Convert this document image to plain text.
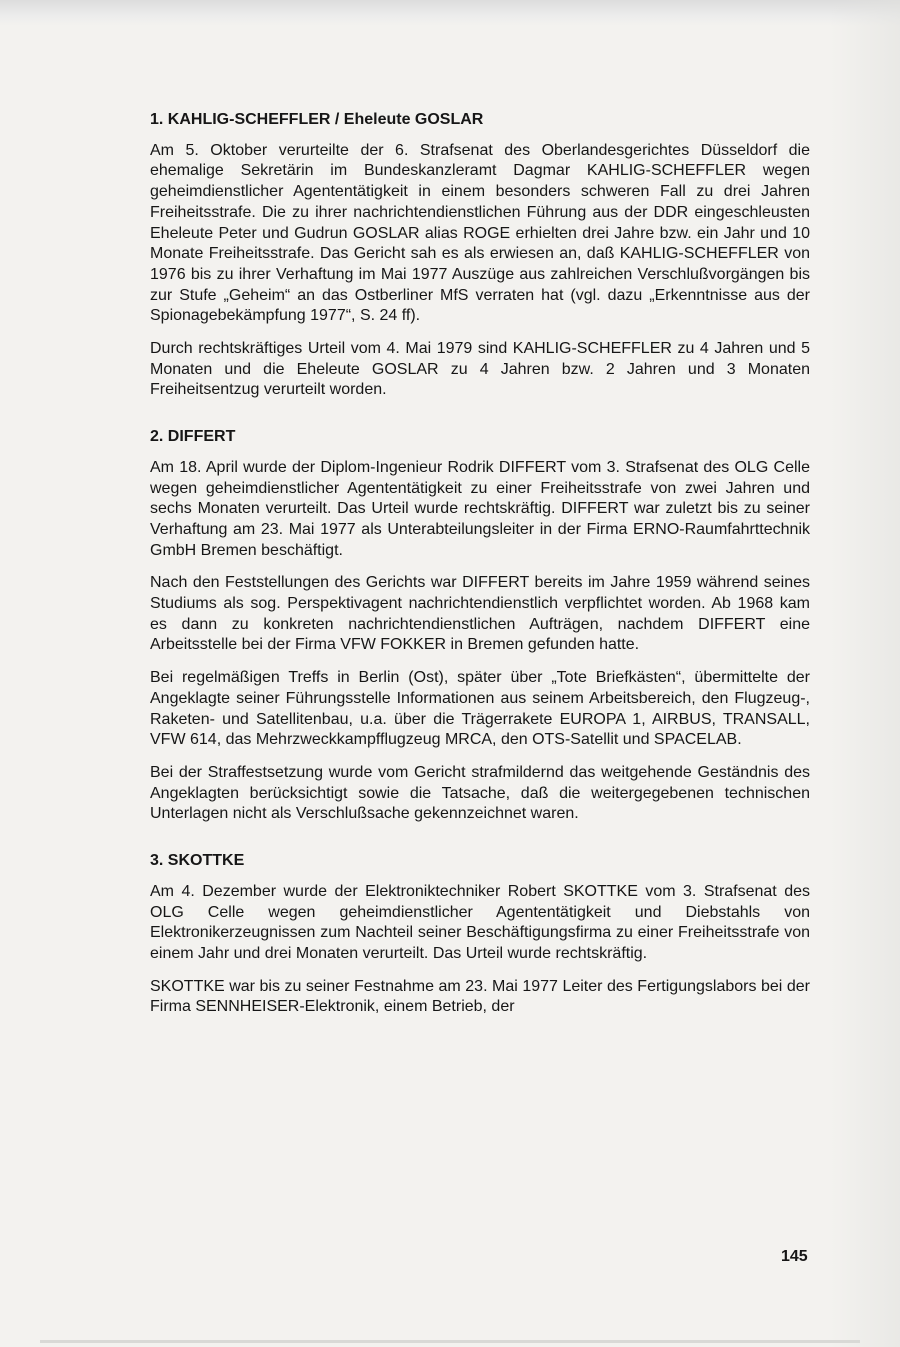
1. KAHLIG-SCHEFFLER / Eheleute GOSLAR

Am 5. Oktober verurteilte der 6. Strafsenat des Oberlandesgerichtes Düsseldorf die ehemalige Sekretärin im Bundeskanzleramt Dagmar KAHLIG-SCHEFFLER wegen geheimdienstlicher Agententätigkeit in einem besonders schweren Fall zu drei Jahren Freiheitsstrafe. Die zu ihrer nachrichtendienstlichen Führung aus der DDR eingeschleusten Eheleute Peter und Gudrun GOSLAR alias ROGE erhielten drei Jahre bzw. ein Jahr und 10 Monate Freiheitsstrafe. Das Gericht sah es als erwiesen an, daß KAHLIG-SCHEFFLER von 1976 bis zu ihrer Verhaftung im Mai 1977 Auszüge aus zahlreichen Verschlußvorgängen bis zur Stufe „Geheim“ an das Ostberliner MfS verraten hat (vgl. dazu „Erkenntnisse aus der Spionagebekämpfung 1977“, S. 24 ff).

Durch rechtskräftiges Urteil vom 4. Mai 1979 sind KAHLIG-SCHEFFLER zu 4 Jahren und 5 Monaten und die Eheleute GOSLAR zu 4 Jahren bzw. 2 Jahren und 3 Monaten Freiheitsentzug verurteilt worden.

2. DIFFERT

Am 18. April wurde der Diplom-Ingenieur Rodrik DIFFERT vom 3. Strafsenat des OLG Celle wegen geheimdienstlicher Agententätigkeit zu einer Freiheitsstrafe von zwei Jahren und sechs Monaten verurteilt. Das Urteil wurde rechtskräftig. DIFFERT war zuletzt bis zu seiner Verhaftung am 23. Mai 1977 als Unterabteilungsleiter in der Firma ERNO-Raumfahrttechnik GmbH Bremen beschäftigt.

Nach den Feststellungen des Gerichts war DIFFERT bereits im Jahre 1959 während seines Studiums als sog. Perspektivagent nachrichtendienstlich verpflichtet worden. Ab 1968 kam es dann zu konkreten nachrichtendienstlichen Aufträgen, nachdem DIFFERT eine Arbeitsstelle bei der Firma VFW FOKKER in Bremen gefunden hatte.

Bei regelmäßigen Treffs in Berlin (Ost), später über „Tote Briefkästen“, übermittelte der Angeklagte seiner Führungsstelle Informationen aus seinem Arbeitsbereich, den Flugzeug-, Raketen- und Satellitenbau, u.a. über die Trägerrakete EUROPA 1, AIRBUS, TRANSALL, VFW 614, das Mehrzweckkampfflugzeug MRCA, den OTS-Satellit und SPACELAB.

Bei der Straffestsetzung wurde vom Gericht strafmildernd das weitgehende Geständnis des Angeklagten berücksichtigt sowie die Tatsache, daß die weitergegebenen technischen Unterlagen nicht als Verschlußsache gekennzeichnet waren.

3. SKOTTKE

Am 4. Dezember wurde der Elektroniktechniker Robert SKOTTKE vom 3. Strafsenat des OLG Celle wegen geheimdienstlicher Agententätigkeit und Diebstahls von Elektronikerzeugnissen zum Nachteil seiner Beschäftigungsfirma zu einer Freiheitsstrafe von einem Jahr und drei Monaten verurteilt. Das Urteil wurde rechtskräftig.

SKOTTKE war bis zu seiner Festnahme am 23. Mai 1977 Leiter des Fertigungslabors bei der Firma SENNHEISER-Elektronik, einem Betrieb, der

145
